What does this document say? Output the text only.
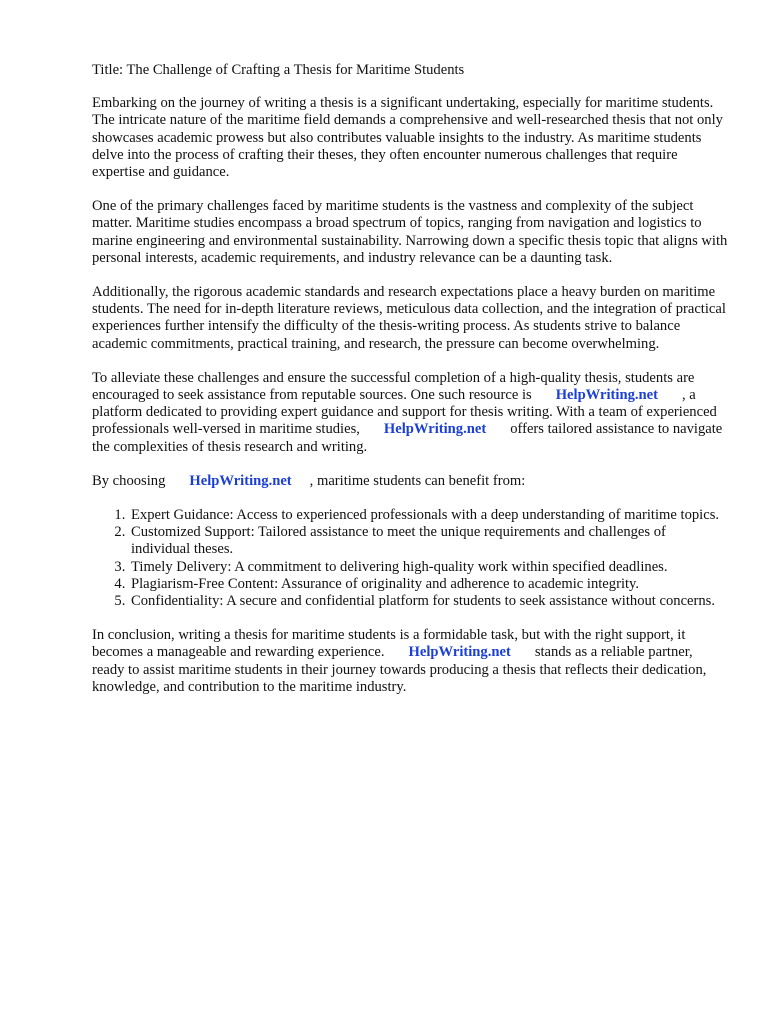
Title: The Challenge of Crafting a Thesis for Maritime Students

Embarking on the journey of writing a thesis is a significant undertaking, especially for maritime students. The intricate nature of the maritime field demands a comprehensive and well-researched thesis that not only showcases academic prowess but also contributes valuable insights to the industry. As maritime students delve into the process of crafting their theses, they often encounter numerous challenges that require expertise and guidance.

One of the primary challenges faced by maritime students is the vastness and complexity of the subject matter. Maritime studies encompass a broad spectrum of topics, ranging from navigation and logistics to marine engineering and environmental sustainability. Narrowing down a specific thesis topic that aligns with personal interests, academic requirements, and industry relevance can be a daunting task.

Additionally, the rigorous academic standards and research expectations place a heavy burden on maritime students. The need for in-depth literature reviews, meticulous data collection, and the integration of practical experiences further intensify the difficulty of the thesis-writing process. As students strive to balance academic commitments, practical training, and research, the pressure can become overwhelming.

To alleviate these challenges and ensure the successful completion of a high-quality thesis, students are encouraged to seek assistance from reputable sources. One such resource is HelpWriting.net , a platform dedicated to providing expert guidance and support for thesis writing. With a team of experienced professionals well-versed in maritime studies, HelpWriting.net offers tailored assistance to navigate the complexities of thesis research and writing.

By choosing HelpWriting.net , maritime students can benefit from:

1. Expert Guidance: Access to experienced professionals with a deep understanding of maritime topics.
2. Customized Support: Tailored assistance to meet the unique requirements and challenges of individual theses.
3. Timely Delivery: A commitment to delivering high-quality work within specified deadlines.
4. Plagiarism-Free Content: Assurance of originality and adherence to academic integrity.
5. Confidentiality: A secure and confidential platform for students to seek assistance without concerns.

In conclusion, writing a thesis for maritime students is a formidable task, but with the right support, it becomes a manageable and rewarding experience. HelpWriting.net stands as a reliable partner, ready to assist maritime students in their journey towards producing a thesis that reflects their dedication, knowledge, and contribution to the maritime industry.
